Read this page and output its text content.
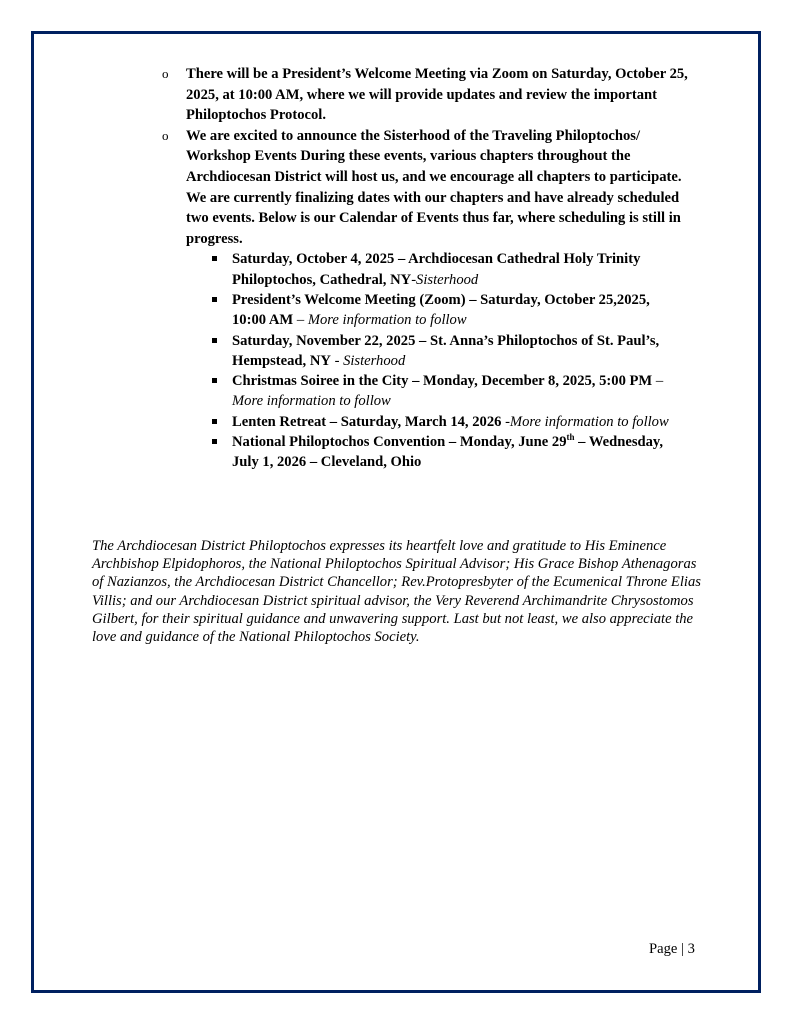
o There will be a President’s Welcome Meeting via Zoom on Saturday, October 25, 2025, at 10:00 AM, where we will provide updates and review the important Philoptochos Protocol.
o We are excited to announce the Sisterhood of the Traveling Philoptochos/ Workshop Events During these events, various chapters throughout the Archdiocesan District will host us, and we encourage all chapters to participate. We are currently finalizing dates with our chapters and have already scheduled two events. Below is our Calendar of Events thus far, where scheduling is still in progress.
Saturday, October 4, 2025 – Archdiocesan Cathedral Holy Trinity Philoptochos, Cathedral, NY-Sisterhood
President’s Welcome Meeting (Zoom) – Saturday, October 25,2025, 10:00 AM – More information to follow
Saturday, November 22, 2025 – St. Anna’s Philoptochos of St. Paul’s, Hempstead, NY - Sisterhood
Christmas Soiree in the City – Monday, December 8, 2025, 5:00 PM – More information to follow
Lenten Retreat – Saturday, March 14, 2026 -More information to follow
National Philoptochos Convention – Monday, June 29th – Wednesday, July 1, 2026 – Cleveland, Ohio

The Archdiocesan District Philoptochos expresses its heartfelt love and gratitude to His Eminence Archbishop Elpidophoros, the National Philoptochos Spiritual Advisor; His Grace Bishop Athenagoras of Nazianzos, the Archdiocesan District Chancellor; Rev.Protopresbyter of the Ecumenical Throne Elias Villis; and our Archdiocesan District spiritual advisor, the Very Reverend Archimandrite Chrysostomos Gilbert, for their spiritual guidance and unwavering support. Last but not least, we also appreciate the love and guidance of the National Philoptochos Society.

Page | 3
